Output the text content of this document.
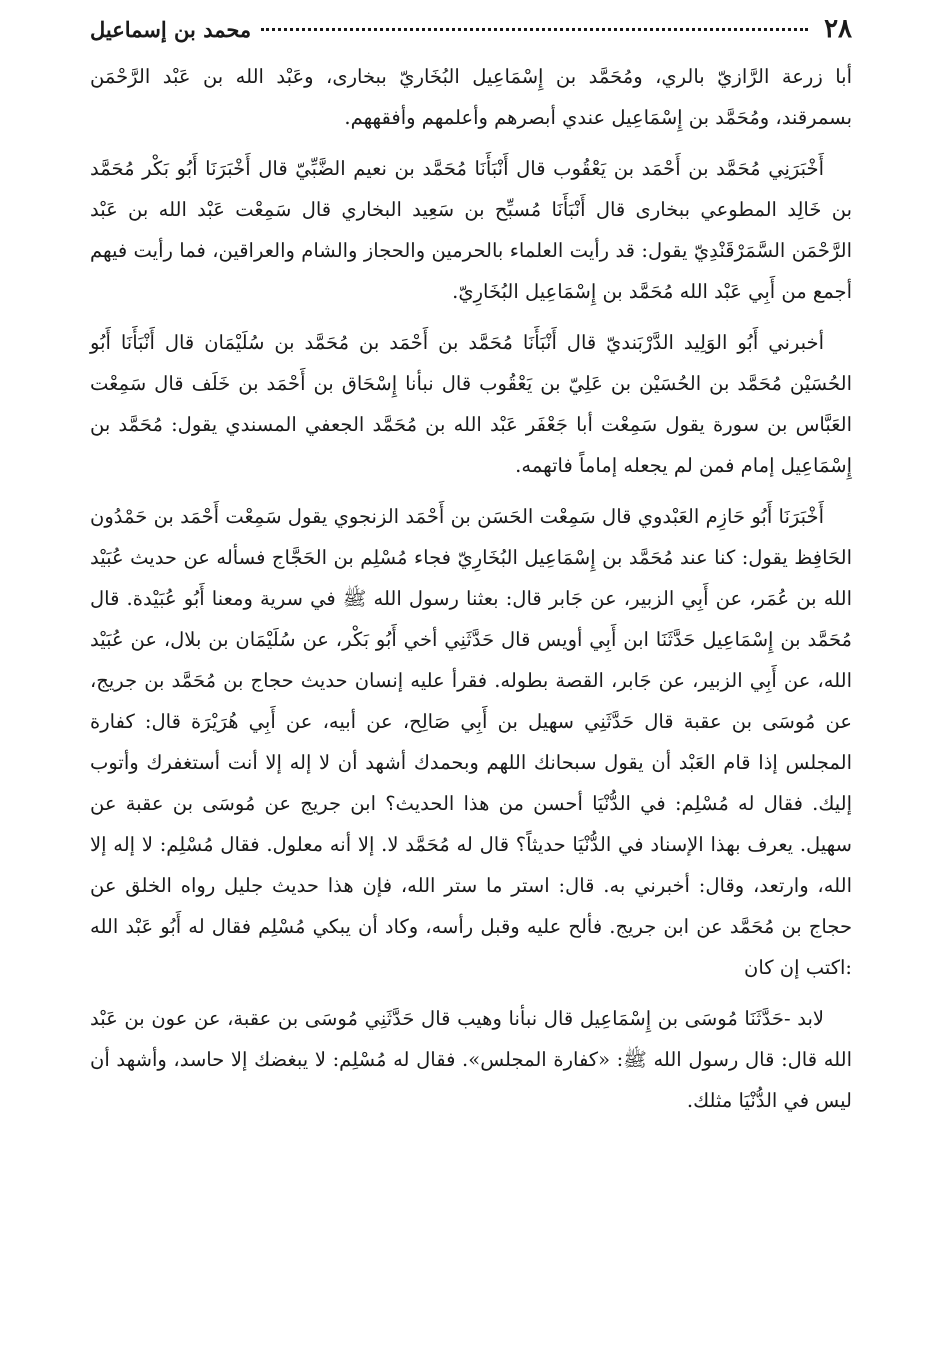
٢٨
محمد بن إسماعيل

أبا زرعة الرَّازيّ بالري، ومُحَمَّد بن إِسْمَاعِيل البُخَاريّ ببخارى، وعَبْد الله بن عَبْد الرَّحْمَن بسمرقند، ومُحَمَّد بن إِسْمَاعِيل عندي أبصرهم وأعلمهم وأفقههم.

أَخْبَرَنِي مُحَمَّد بن أَحْمَد بن يَعْقُوب قال أَنْبَأَنَا مُحَمَّد بن نعيم الضَّبِّيّ قال أَخْبَرَنَا أَبُو بَكْر مُحَمَّد بن خَالِد المطوعي ببخارى قال أَنْبَأَنَا مُسبِّح بن سَعِيد البخاري قال سَمِعْت عَبْد الله بن عَبْد الرَّحْمَن السَّمَرْقَنْدِيّ يقول: قد رأيت العلماء بالحرمين والحجاز والشام والعراقين، فما رأيت فيهم أجمع من أَبِي عَبْد الله مُحَمَّد بن إِسْمَاعِيل البُخَارِيّ.

أخبرني أَبُو الوَلِيد الدَّرْبَنديّ قال أَنْبَأَنَا مُحَمَّد بن أَحْمَد بن مُحَمَّد بن سُلَيْمَان قال أَنْبَأَنَا أَبُو الحُسَيْن مُحَمَّد بن الحُسَيْن بن عَلِيّ بن يَعْقُوب قال نبأنا إِسْحَاق بن أَحْمَد بن خَلَف قال سَمِعْت العَبَّاس بن سورة يقول سَمِعْت أبا جَعْفَر عَبْد الله بن مُحَمَّد الجعفي المسندي يقول: مُحَمَّد بن إِسْمَاعِيل إمام فمن لم يجعله إماماً فاتهمه.

أَخْبَرَنَا أَبُو حَازِم العَبْدوي قال سَمِعْت الحَسَن بن أَحْمَد الزنجوي يقول سَمِعْت أَحْمَد بن حَمْدُون الحَافِظ يقول: كنا عند مُحَمَّد بن إِسْمَاعِيل البُخَارِيّ فجاء مُسْلِم بن الحَجَّاج فسأله عن حديث عُبَيْد الله بن عُمَر، عن أَبِي الزبير، عن جَابر قال: بعثنا رسول الله ﷺ في سرية ومعنا أَبُو عُبَيْدة. قال مُحَمَّد بن إِسْمَاعِيل حَدَّثَنَا ابن أَبِي أويس قال حَدَّثَنِي أخي أَبُو بَكْر، عن سُلَيْمَان بن بلال، عن عُبَيْد الله، عن أَبِي الزبير، عن جَابر، القصة بطوله. فقرأ عليه إنسان حديث حجاج بن مُحَمَّد بن جريج، عن مُوسَى بن عقبة قال حَدَّثَنِي سهيل بن أَبِي صَالِح، عن أبيه، عن أَبِي هُرَيْرَة قال: كفارة المجلس إذا قام العَبْد أن يقول سبحانك اللهم وبحمدك أشهد أن لا إله إلا أنت أستغفرك وأتوب إليك. فقال له مُسْلِم: في الدُّنْيَا أحسن من هذا الحديث؟ ابن جريج عن مُوسَى بن عقبة عن سهيل. يعرف بهذا الإسناد في الدُّنْيَا حديثاً؟ قال له مُحَمَّد لا. إلا أنه معلول. فقال مُسْلِم: لا إله إلا الله، وارتعد، وقال: أخبرني به. قال: استر ما ستر الله، فإن هذا حديث جليل رواه الخلق عن حجاج بن مُحَمَّد عن ابن جريج. فألح عليه وقبل رأسه، وكاد أن يبكي مُسْلِم فقال له أَبُو عَبْد الله :اكتب إن كان

لابد -حَدَّثَنَا مُوسَى بن إِسْمَاعِيل قال نبأنا وهيب قال حَدَّثَنِي مُوسَى بن عقبة، عن عون بن عَبْد الله قال: قال رسول الله ﷺ: «كفارة المجلس». فقال له مُسْلِم: لا يبغضك إلا حاسد، وأشهد أن ليس في الدُّنْيَا مثلك.
